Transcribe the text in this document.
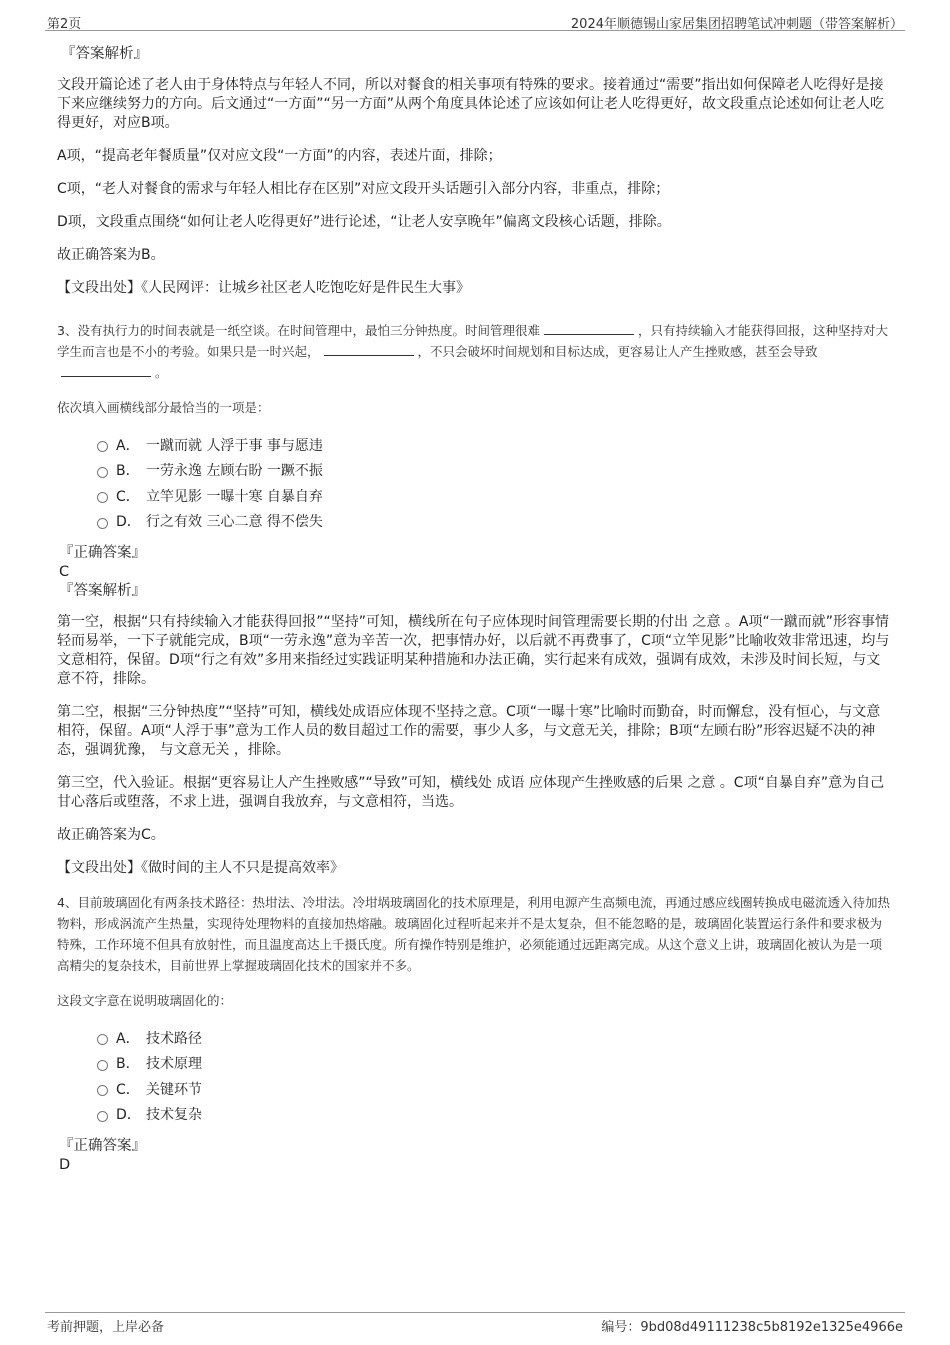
第2页	2024年顺德锡山家居集团招聘笔试冲刺题（带答案解析）
『答案解析』

文段开篇论述了老人由于身体特点与年轻人不同，所以对餐食的相关事项有特殊的要求。接着通过“需要”指出如何保障老人吃得好是接下来应继续努力的方向。后文通过“一方面”“另一方面”从两个角度具体论述了应该如何让老人吃得更好，故文段重点论述如何让老人吃得更好，对应B项。

A项，“提高老年餐质量”仅对应文段“一方面”的内容，表述片面，排除；

C项，“老人对餐食的需求与年轻人相比存在区别”对应文段开头话题引入部分内容，非重点，排除；

D项，文段重点围绕“如何让老人吃得更好”进行论述，“让老人安享晚年”偏离文段核心话题，排除。

故正确答案为B。

【文段出处】《人民网评：让城乡社区老人吃饱吃好是件民生大事》

3、没有执行力的时间表就是一纸空谈。在时间管理中，最怕三分钟热度。时间管理很难	，只有持续输入才能获得回报，这种坚持对大学生而言也是不小的考验。如果只是一时兴起，	，不只会破坏时间规划和目标达成，更容易让人产生挫败感，甚至会导致。

依次填入画横线部分最恰当的一项是：

A． 一蹴而就 人浮于事 事与愿违
B． 一劳永逸 左顾右盼 一蹶不振
C． 立竿见影 一曝十寒 自暴自弃
D． 行之有效 三心二意 得不偿失
『正确答案』
C
『答案解析』

第一空，根据“只有持续输入才能获得回报”“坚持”可知，横线所在句子应体现时间管理需要长期的付出 之意 。A项“一蹴而就”形容事情轻而易举，一下子就能完成，B项“一劳永逸”意为辛苦一次，把事情办好，以后就不再费事了，C项“立竿见影”比喻收效非常迅速，均与文意相符，保留。D项“行之有效”多用来指经过实践证明某种措施和办法正确，实行起来有成效，强调有成效，未涉及时间长短，与文意不符，排除。

第二空，根据“三分钟热度”“坚持”可知，横线处成语应体现不坚持之意。C项“一曝十寒”比喻时而勤奋，时而懈怠，没有恒心，与文意相符，保留。A项“人浮于事”意为工作人员的数目超过工作的需要，事少人多，与文意无关，排除；B项“左顾右盼”形容迟疑不决的神态，强调犹豫， 与文意无关 ，排除。

第三空，代入验证。根据“更容易让人产生挫败感”“导致”可知，横线处 成语 应体现产生挫败感的后果 之意 。C项“自暴自弃”意为自己甘心落后或堕落，不求上进，强调自我放弃，与文意相符，当选。

故正确答案为C。

【文段出处】《做时间的主人不只是提高效率》

4、目前玻璃固化有两条技术路径：热坩法、冷坩法。冷坩埚玻璃固化的技术原理是，利用电源产生高频电流，再通过感应线圈转换成电磁流透入待加热物料，形成涡流产生热量，实现待处理物料的直接加热熔融。玻璃固化过程听起来并不是太复杂，但不能忽略的是，玻璃固化装置运行条件和要求极为特殊，工作环境不但具有放射性，而且温度高达上千摄氏度。所有操作特别是维护，必须能通过远距离完成。从这个意义上讲，玻璃固化被认为是一项高精尖的复杂技术，目前世界上掌握玻璃固化技术的国家并不多。

这段文字意在说明玻璃固化的：

A． 技术路径
B． 技术原理
C． 关键环节
D． 技术复杂
『正确答案』
D
考前押题，上岸必备	编号：9bd08d49111238c5b8192e1325e4966e
